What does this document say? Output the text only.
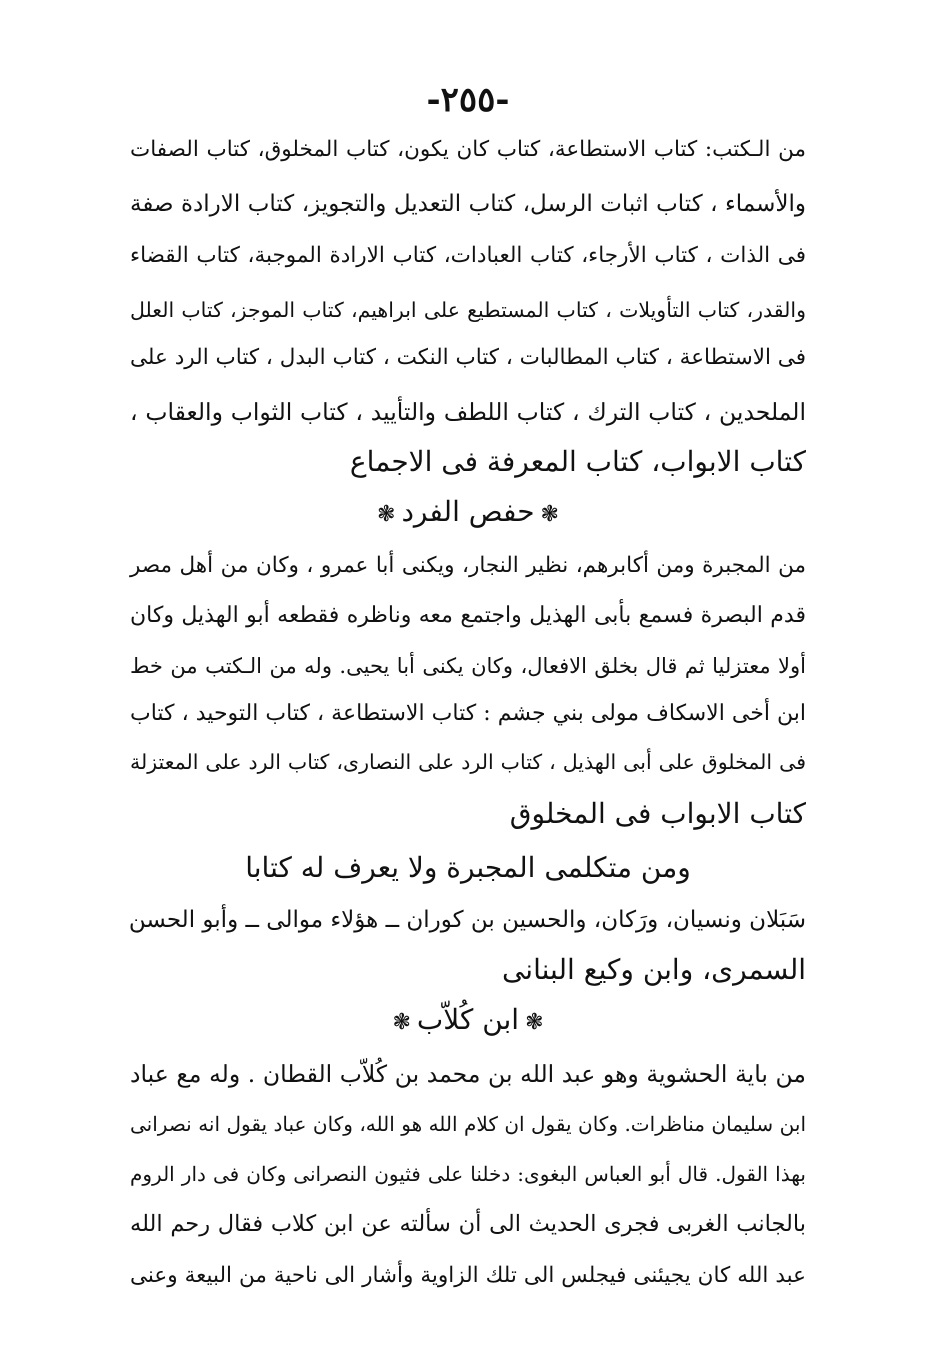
-٢٥٥-
من الـكتب: كتاب الاستطاعة، كتاب كان يكون، كتاب المخلوق، كتاب الصفات
والأسماء ، كتاب اثبات الرسل، كتاب التعديل والتجويز، كتاب الارادة صفة
فى الذات ، كتاب الأرجاء، كتاب العبادات، كتاب الارادة الموجبة، كتاب القضاء
والقدر، كتاب التأويلات ، كتاب المستطيع على ابراهيم، كتاب الموجز، كتاب العلل
فى الاستطاعة ، كتاب المطالبات ، كتاب النكت ، كتاب البدل ، كتاب الرد على
الملحدين ، كتاب الترك ، كتاب اللطف والتأييد ، كتاب الثواب والعقاب ،
كتاب الابواب، كتاب المعرفة فى الاجماع
❃حفص الفرد❃
من المجبرة ومن أكابرهم، نظير النجار، ويكنى أبا عمرو ، وكان من أهل مصر
قدم البصرة فسمع بأبى الهذيل واجتمع معه وناظره فقطعه أبو الهذيل وكان
أولا معتزليا ثم قال بخلق الافعال، وكان يكنى أبا يحيى. وله من الـكتب من خط
ابن أخى الاسكاف مولى بني جشم : كتاب الاستطاعة ، كتاب التوحيد ، كتاب
فى المخلوق على أبى الهذيل ، كتاب الرد على النصارى، كتاب الرد على المعتزلة
كتاب الابواب فى المخلوق
ومن متكلمى المجبرة ولا يعرف له كتابا
سَبَلان ونسيان، ورَكان، والحسين بن كوران ــ هؤلاء موالى ــ وأبو الحسن
السمرى، وابن وكيع البنانى
❃ابن كُلاّب❃
من باية الحشوية وهو عبد الله بن محمد بن كُلاّب القطان . وله مع عباد
ابن سليمان مناظرات. وكان يقول ان كلام الله هو الله، وكان عباد يقول انه نصرانى
بهذا القول. قال أبو العباس البغوى: دخلنا على فثيون النصرانى وكان فى دار الروم
بالجانب الغربى فجرى الحديث الى أن سألته عن ابن كلاب فقال رحم الله
عبد الله كان يجيئنى فيجلس الى تلك الزاوية وأشار الى ناحية من البيعة وعنى
